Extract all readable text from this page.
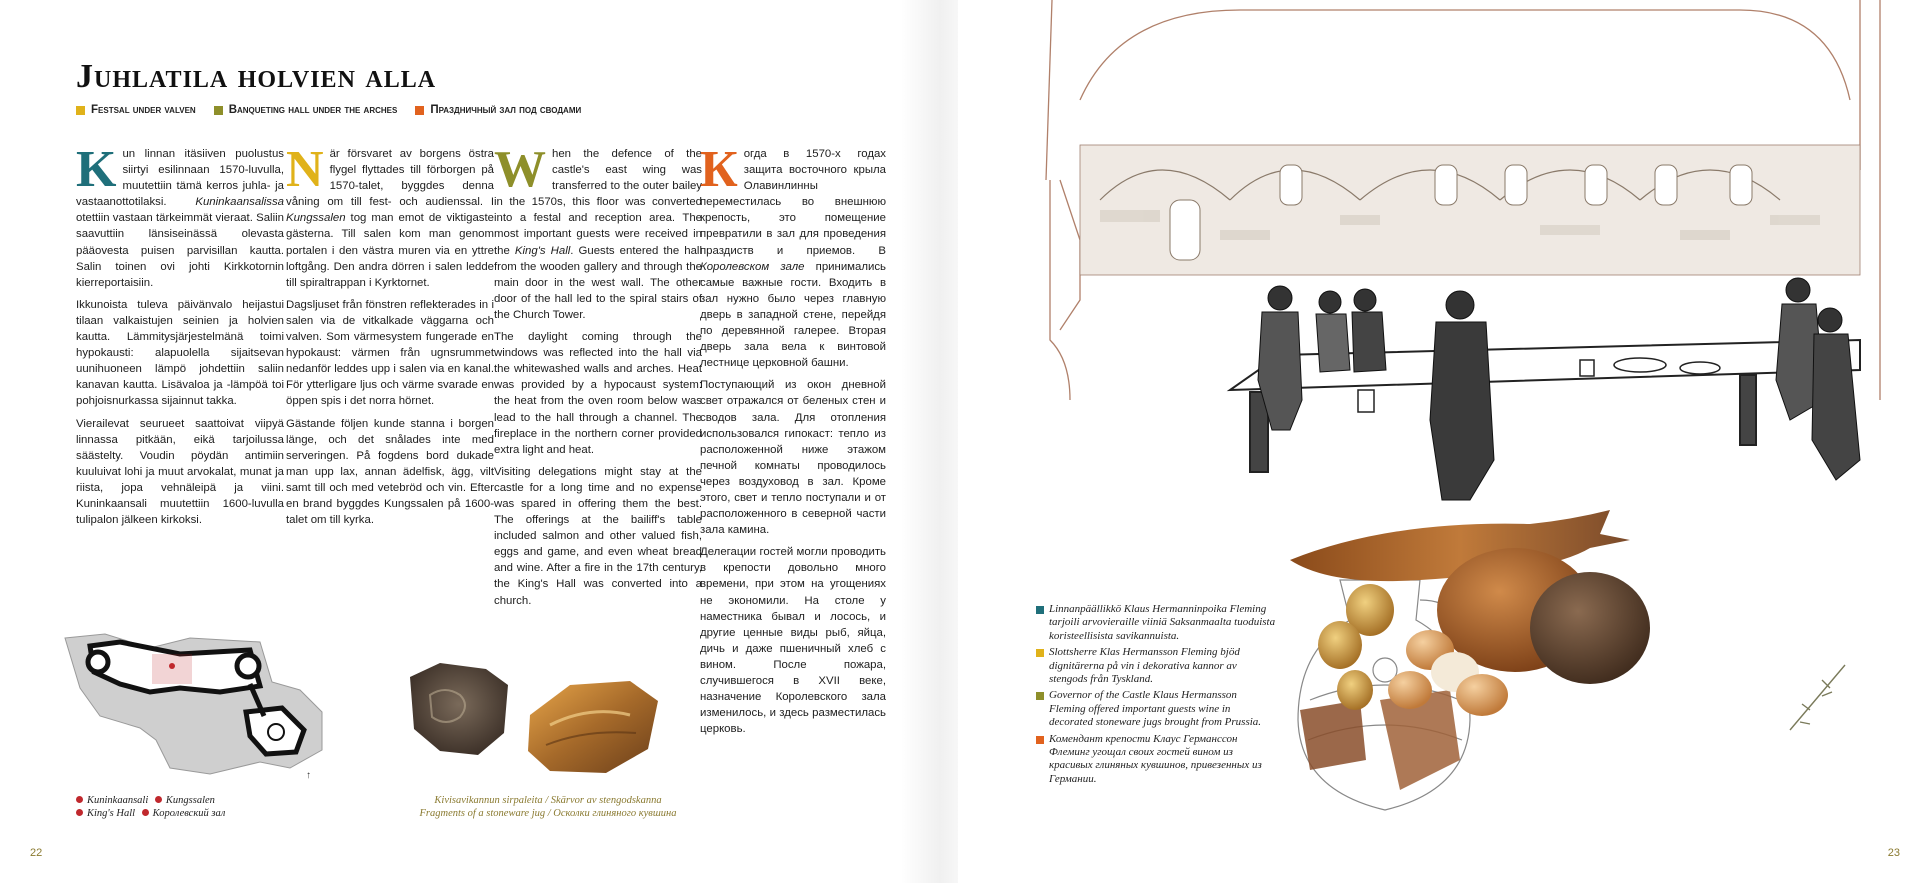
Juhlatila holvien alla
Festsal under valven	Banqueting hall under the arches	Праздничный зал под сводами

Kun linnan itäsiiven puolustus siirtyi esilinnaan 1570-luvulla, muutettiin tämä kerros juhla- ja vastaanottotilaksi. Kuninkaansalissa otettiin vastaan tärkeimmät vieraat. Saliin saavuttiin länsiseinässä olevasta pääovesta puisen parvisillan kautta. Salin toinen ovi johti Kirkkotornin kierreportaisiin.

Ikkunoista tuleva päivänvalo heijastui tilaan valkaistujen seinien ja holvien kautta. Lämmitysjärjestelmänä toimi hypokausti: alapuolella sijaitsevan uunihuoneen lämpö johdettiin saliin kanavan kautta. Lisävaloa ja -lämpöä toi pohjoisnurkassa sijainnut takka.

Vierailevat seurueet saattoivat viipyä linnassa pitkään, eikä tarjoilussa säästelty. Voudin pöydän antimiin kuuluivat lohi ja muut arvokalat, munat ja riista, jopa vehnäleipä ja viini. Kuninkaansali muutettiin 1600-luvulla tulipalon jälkeen kirkoksi.

När försvaret av borgens östra flygel flyttades till förborgen på 1570-talet, byggdes denna våning om till fest- och audienssal. I Kungssalen tog man emot de viktigaste gästerna. Till salen kom man genom portalen i den västra muren via en yttre loftgång. Den andra dörren i salen ledde till spiraltrappan i Kyrktornet.

Dagsljuset från fönstren reflekterades in i salen via de vitkalkade väggarna och valven. Som värmesystem fungerade en hypokaust: värmen från ugnsrummet nedanför leddes upp i salen via en kanal. För ytterligare ljus och värme svarade en öppen spis i det norra hörnet.

Gästande följen kunde stanna i borgen länge, och det snålades inte med serveringen. På fogdens bord dukade man upp lax, annan ädelfisk, ägg, vilt samt till och med vetebröd och vin. Efter en brand byggdes Kungssalen på 1600-talet om till kyrka.

When the defence of the castle's east wing was transferred to the outer bailey in the 1570s, this floor was converted into a festal and reception area. The most important guests were received in the King's Hall. Guests entered the hall from the wooden gallery and through the main door in the west wall. The other door of the hall led to the spiral stairs of the Church Tower.

The daylight coming through the windows was reflected into the hall via the whitewashed walls and arches. Heat was provided by a hypocaust system: the heat from the oven room below was lead to the hall through a channel. The fireplace in the northern corner provided extra light and heat.

Visiting delegations might stay at the castle for a long time and no expense was spared in offering them the best. The offerings at the bailiff's table included salmon and other valued fish, eggs and game, and even wheat bread and wine. After a fire in the 17th century, the King's Hall was converted into a church.

Когда в 1570-х годах защита восточного крыла Олавинлинны переместилась во внешнюю крепость, это помещение превратили в зал для проведения праздиств и приемов. В Королевском зале принимались самые важные гости. Входить в зал нужно было через главную дверь в западной стене, перейдя по деревянной галерее. Вторая дверь зала вела к винтовой лестнице церковной башни.

Поступающий из окон дневной свет отражался от беленых стен и сводов зала. Для отопления использовался гипокаст: тепло из расположенной ниже этажом печной комнаты проводилось через воздуховод в зал. Кроме этого, свет и тепло поступали и от расположенного в северной части зала камина.

Делегации гостей могли проводить в крепости довольно много времени, при этом на угощениях не экономили. На столе у наместника бывал и лосось, и другие ценные виды рыб, яйца, дичь и даже пшеничный хлеб с вином. После пожара, случившегося в XVII веке, назначение Королевского зала изменилось, и здесь разместилась церковь.

↑
Kuninkaansali Kungssalen
King's Hall Королевский зал
Kivisavikannun sirpaleita / Skärvor av stengodskanna
Fragments of a stoneware jug / Осколки глиняного кувшина
22	23

Linnanpäällikkö Klaus Hermanninpoika Fleming tarjoili arvovieraille viiniä Saksanmaalta tuoduista koristeellisista savikannuista.

Slottsherre Klas Hermansson Fleming bjöd dignitärerna på vin i dekorativa kannor av stengods från Tyskland.

Governor of the Castle Klaus Hermansson Fleming offered important guests wine in decorated stoneware jugs brought from Prussia.

Комендант крепости Клаус Германссон Флеминг угощал своих гостей вином из красивых глиняных кувшинов, привезенных из Германии.
